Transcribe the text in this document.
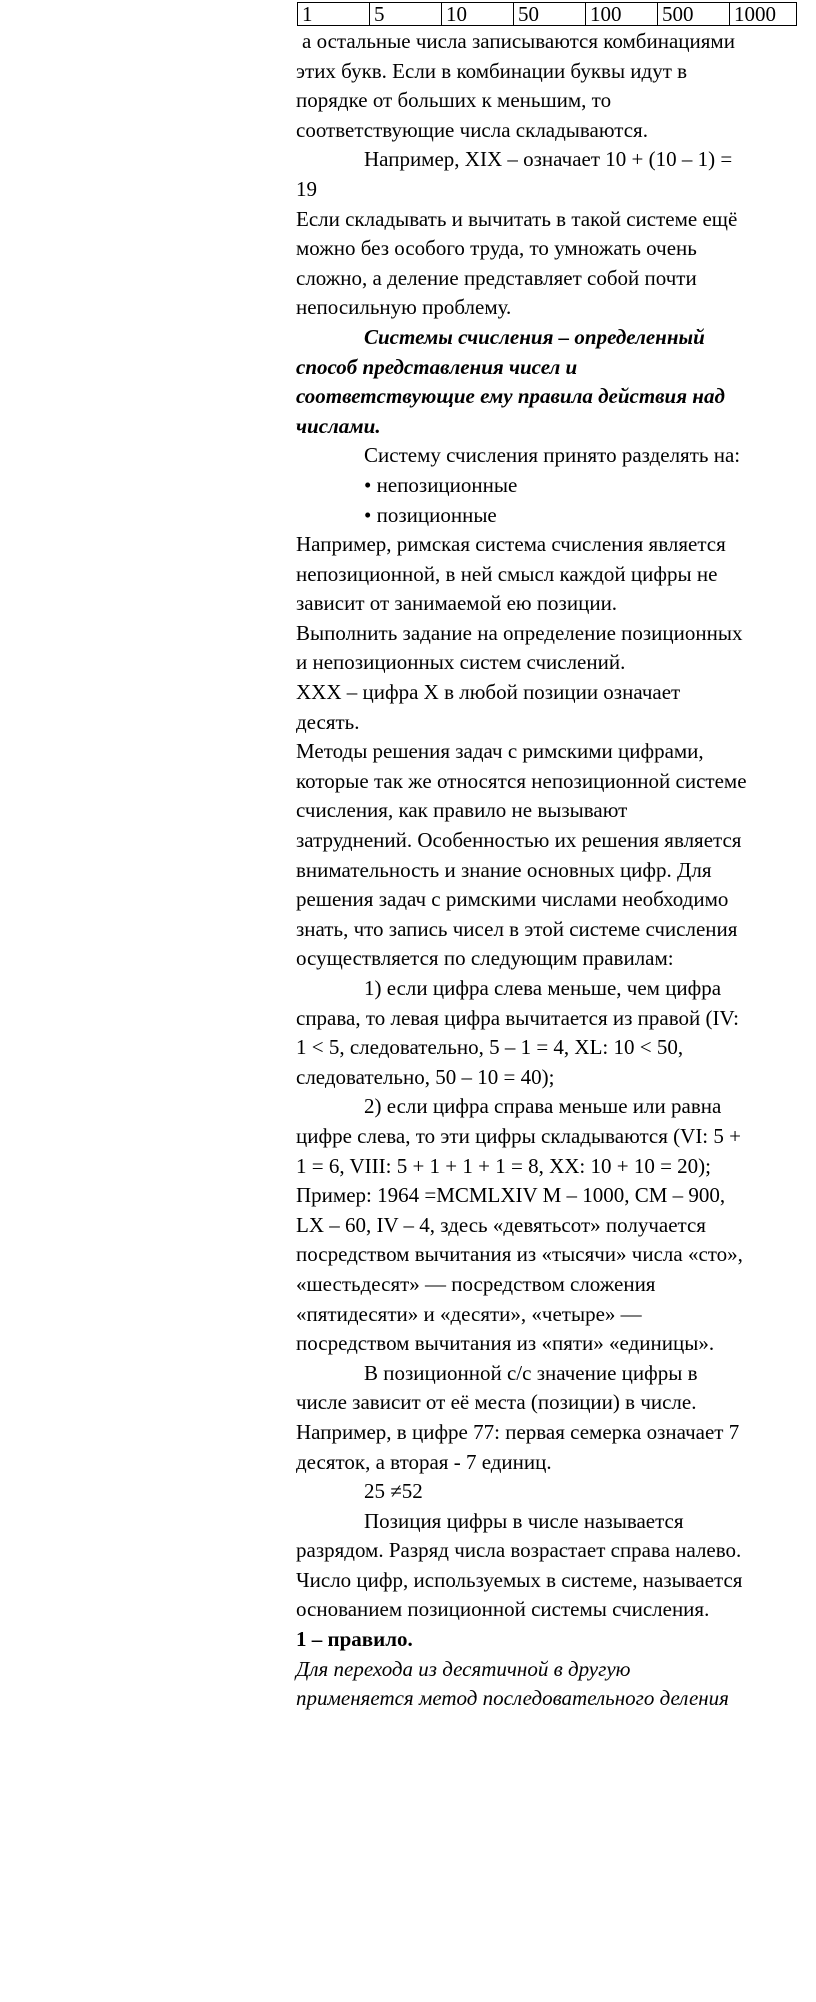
1	5	10	50	100	500	1000

а остальные числа записываются комбинациями

этих букв. Если в комбинации буквы идут в

порядке от больших к меньшим, то

соответствующие числа складываются.

Например, XIX – означает 10 + (10 – 1) =

19

Если складывать и вычитать в такой системе ещё

можно без особого труда, то умножать очень

сложно, а деление представляет собой почти

непосильную проблему.

Системы счисления – определенный

способ представления чисел и

соответствующие ему правила действия над

числами.

Систему счисления принято разделять на:

• непозиционные

• позиционные

Например, римская система счисления является

непозиционной, в ней смысл каждой цифры не

зависит от занимаемой ею позиции.

Выполнить задание на определение позиционных

и непозиционных систем счислений.

XXX – цифра X в любой позиции означает

десять.

Методы решения задач с римскими цифрами,

которые так же относятся непозиционной системе

счисления, как правило не вызывают

затруднений. Особенностью их решения является

внимательность и знание основных цифр. Для

решения задач с римскими числами необходимо

знать, что запись чисел в этой системе счисления

осуществляется по следующим правилам:

1) если цифра слева меньше, чем цифра

справа, то левая цифра вычитается из правой (IV:

1 < 5, следовательно, 5 – 1 = 4, XL: 10 < 50,

следовательно, 50 – 10 = 40);

2) если цифра справа меньше или равна

цифре слева, то эти цифры складываются (VI: 5 +

1 = 6, VIII: 5 + 1 + 1 + 1 = 8, XX: 10 + 10 = 20);

Пример: 1964 =MCMLXIV M – 1000, CM – 900,

LX – 60, IV – 4, здесь «девятьсот» получается

посредством вычитания из «тысячи» числа «сто»,

«шестьдесят» — посредством сложения

«пятидесяти» и «десяти», «четыре» —

посредством вычитания из «пяти» «единицы».

В позиционной с/с значение цифры в

числе зависит от её места (позиции) в числе.

Например, в цифре 77: первая семерка означает 7

десяток, а вторая - 7 единиц.

25 ≠52

Позиция цифры в числе называется

разрядом. Разряд числа возрастает справа налево.

Число цифр, используемых в системе, называется

основанием позиционной системы счисления.

1 – правило.

Для перехода из десятичной в другую

применяется метод последовательного деления
